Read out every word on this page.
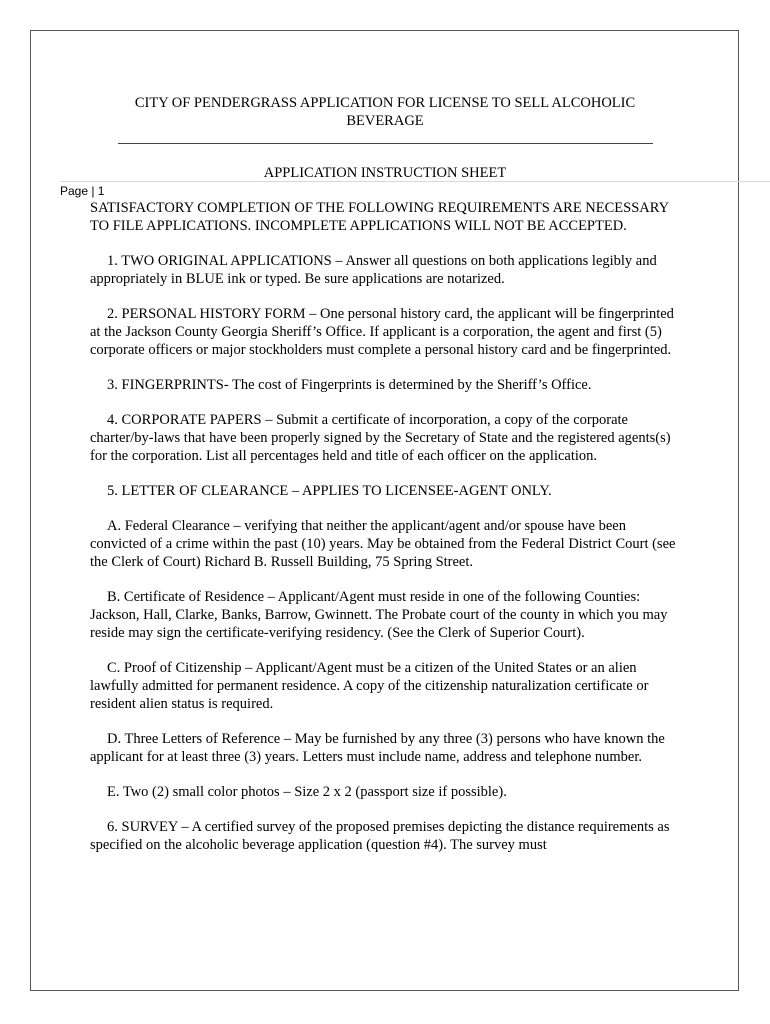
CITY OF PENDERGRASS APPLICATION FOR LICENSE TO SELL ALCOHOLIC BEVERAGE
APPLICATION INSTRUCTION SHEET
Page | 1

SATISFACTORY COMPLETION OF THE FOLLOWING REQUIREMENTS ARE NECESSARY TO FILE APPLICATIONS. INCOMPLETE APPLICATIONS WILL NOT BE ACCEPTED.

1. TWO ORIGINAL APPLICATIONS – Answer all questions on both applications legibly and appropriately in BLUE ink or typed. Be sure applications are notarized.

2. PERSONAL HISTORY FORM – One personal history card, the applicant will be fingerprinted at the Jackson County Georgia Sheriff’s Office. If applicant is a corporation, the agent and first (5) corporate officers or major stockholders must complete a personal history card and be fingerprinted.

3. FINGERPRINTS- The cost of Fingerprints is determined by the Sheriff’s Office.

4. CORPORATE PAPERS – Submit a certificate of incorporation, a copy of the corporate charter/by-laws that have been properly signed by the Secretary of State and the registered agents(s) for the corporation. List all percentages held and title of each officer on the application.

5. LETTER OF CLEARANCE – APPLIES TO LICENSEE-AGENT ONLY.

A. Federal Clearance – verifying that neither the applicant/agent and/or spouse have been convicted of a crime within the past (10) years. May be obtained from the Federal District Court (see the Clerk of Court) Richard B. Russell Building, 75 Spring Street.

B. Certificate of Residence – Applicant/Agent must reside in one of the following Counties: Jackson, Hall, Clarke, Banks, Barrow, Gwinnett. The Probate court of the county in which you may reside may sign the certificate-verifying residency. (See the Clerk of Superior Court).

C. Proof of Citizenship – Applicant/Agent must be a citizen of the United States or an alien lawfully admitted for permanent residence. A copy of the citizenship naturalization certificate or resident alien status is required.

D. Three Letters of Reference – May be furnished by any three (3) persons who have known the applicant for at least three (3) years. Letters must include name, address and telephone number.

E. Two (2) small color photos – Size 2 x 2 (passport size if possible).

6. SURVEY – A certified survey of the proposed premises depicting the distance requirements as specified on the alcoholic beverage application (question #4). The survey must
